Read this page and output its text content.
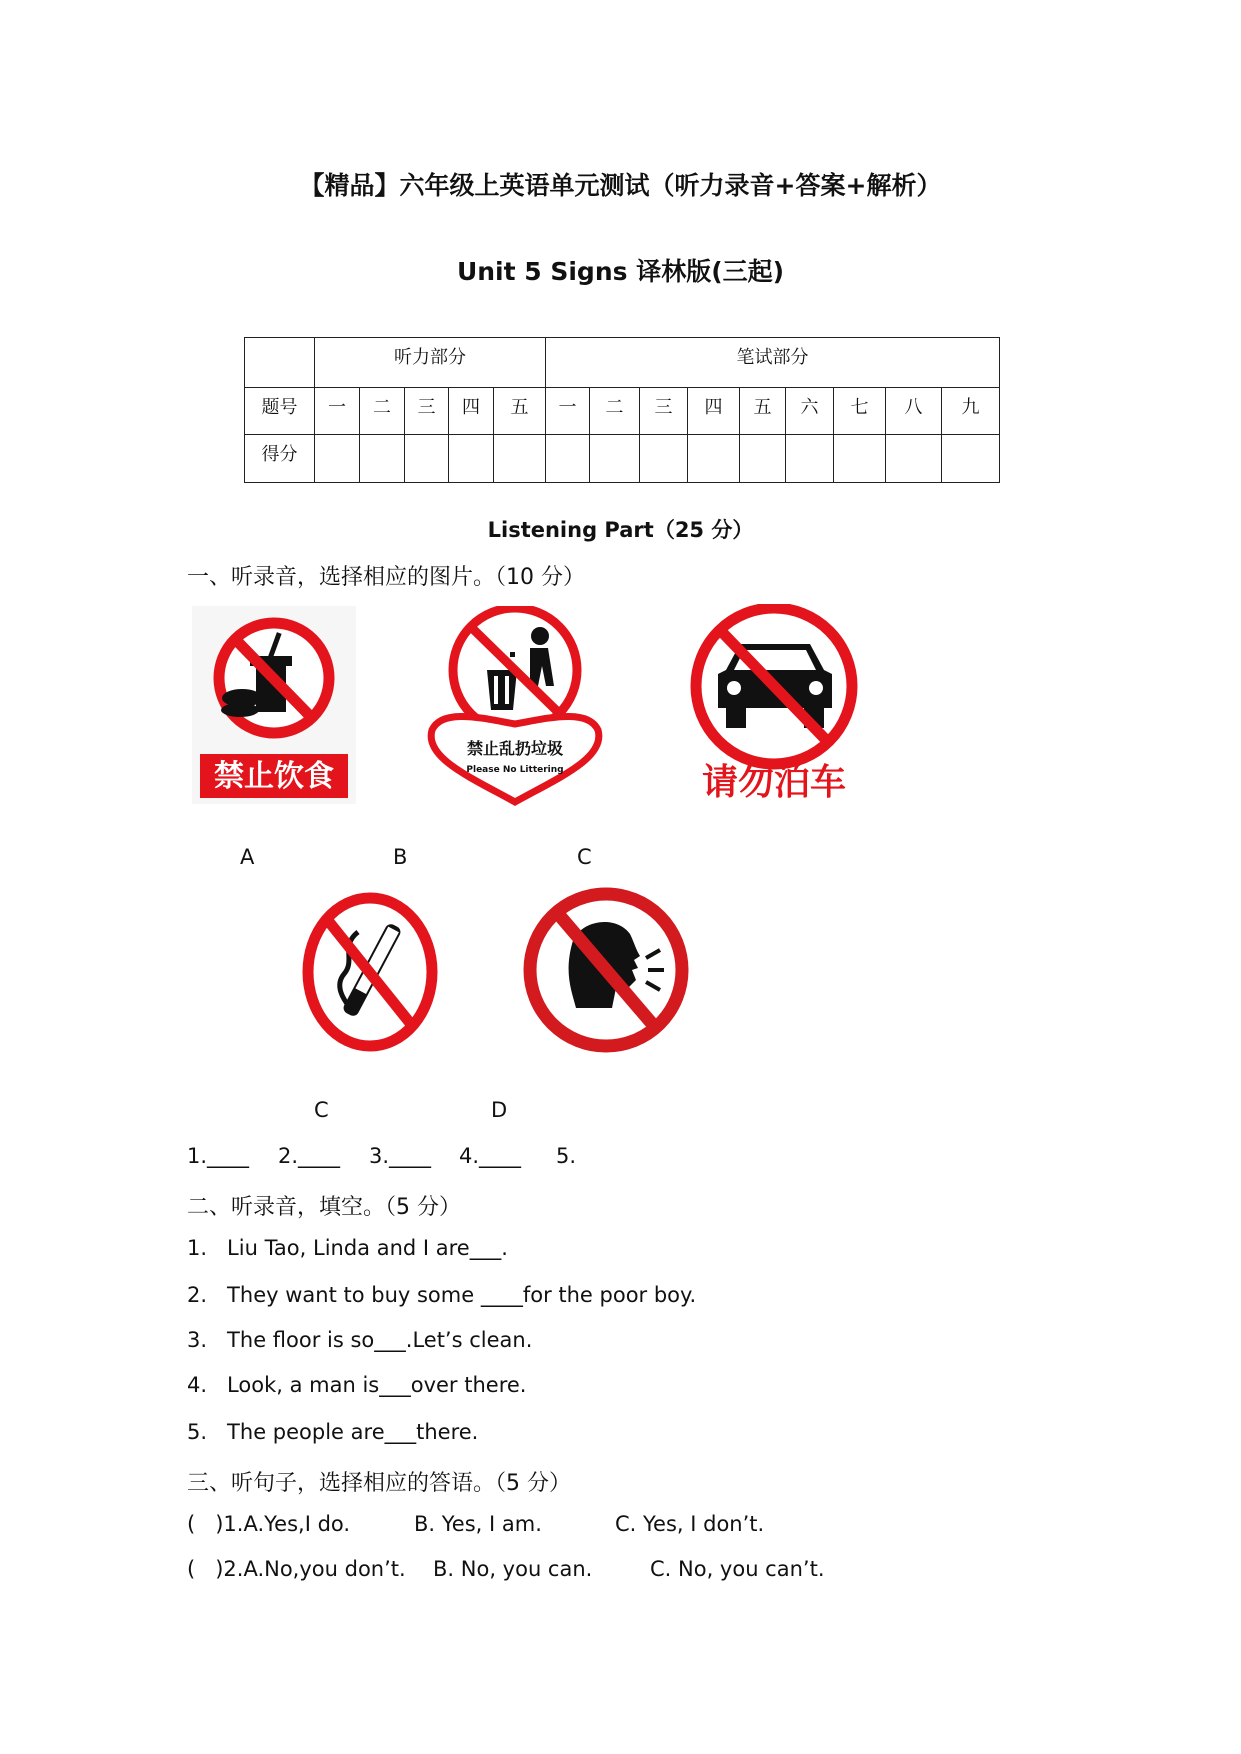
【精品】六年级上英语单元测试（听力录音+答案+解析）
Unit 5 Signs 译林版(三起)
	听力部分					笔试部分								
题号	一	二	三	四	五	一	二	三	四	五	六	七	八	九
得分														
Listening Part（25 分）
一、听录音，选择相应的图片。（10 分）
禁止饮食
禁止乱扔垃圾
Please No Littering	请勿泊车
A	B	C
C	D
1.____ 2.____ 3.____ 4.____ 5.
二、听录音，填空。（5 分）
1.   Liu Tao, Linda and I are___.
2.   They want to buy some ____for the poor boy.
3.   The floor is so___.Let’s clean.
4.   Look, a man is___over there.
5.   The people are___there.
三、听句子，选择相应的答语。（5 分）
(   )1.A.Yes,I do.	B. Yes, I am.	C. Yes, I don’t.
(   )2.A.No,you don’t. B. No, you can.	C. No, you can’t.
